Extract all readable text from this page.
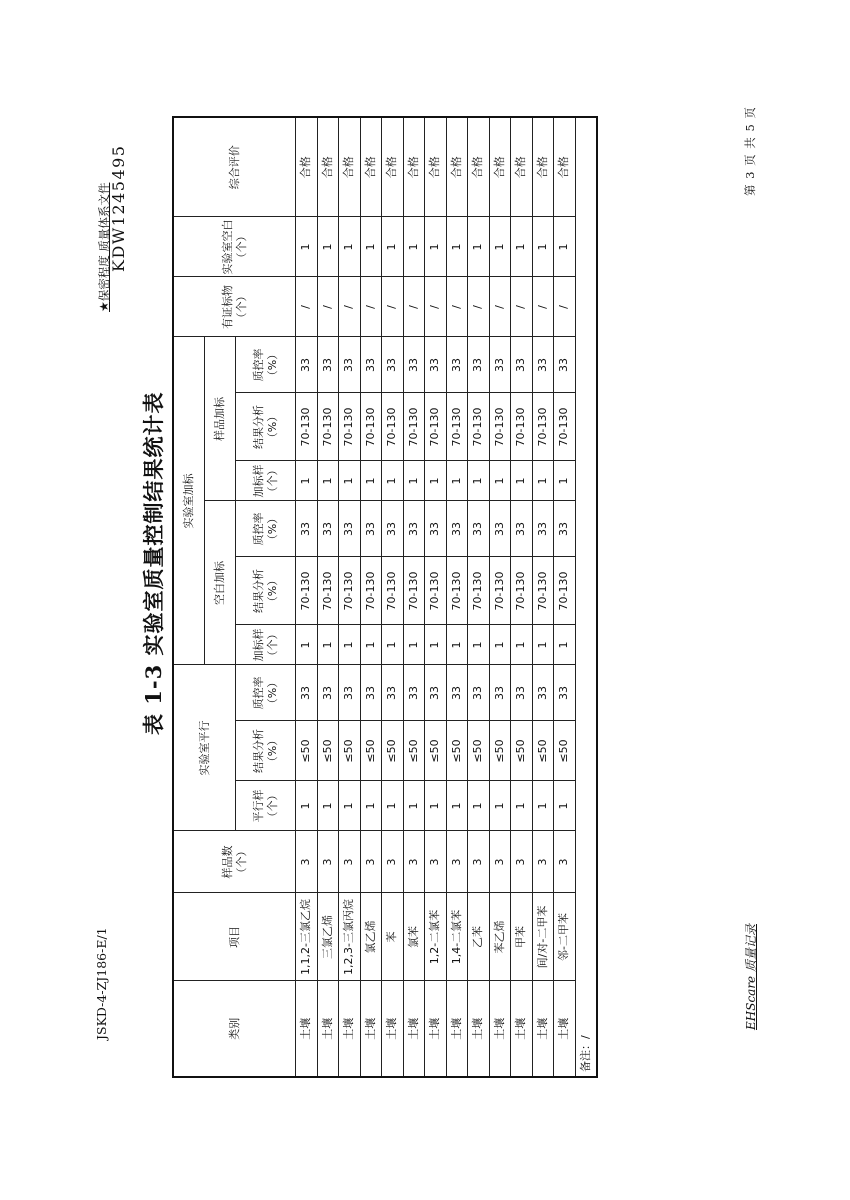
JSKD-4-ZJ186-E/1	EHScare 质量记录
第 3 页 共 5 页
★保密程度 质量体系文件
KDW1245495
表 1-3 实验室质量控制结果统计表
类别	项目	样品数（个）	实验室平行			实验室加标						有证标物（个）	实验室空白（个）	综合评价
						空白加标			样品加标					
			平行样（个）	结果分析（%）	质控率（%）	加标样（个）	结果分析（%）	质控率（%）	加标样（个）	结果分析（%）	质控率（%）			
土壤	1,1,2-三氯乙烷	3	1	≤50	33	1	70-130	33	1	70-130	33	/	1	合格
土壤	三氯乙烯	3	1	≤50	33	1	70-130	33	1	70-130	33	/	1	合格
土壤	1,2,3-三氯丙烷	3	1	≤50	33	1	70-130	33	1	70-130	33	/	1	合格
土壤	氯乙烯	3	1	≤50	33	1	70-130	33	1	70-130	33	/	1	合格
土壤	苯	3	1	≤50	33	1	70-130	33	1	70-130	33	/	1	合格
土壤	氯苯	3	1	≤50	33	1	70-130	33	1	70-130	33	/	1	合格
土壤	1,2-二氯苯	3	1	≤50	33	1	70-130	33	1	70-130	33	/	1	合格
土壤	1,4-二氯苯	3	1	≤50	33	1	70-130	33	1	70-130	33	/	1	合格
土壤	乙苯	3	1	≤50	33	1	70-130	33	1	70-130	33	/	1	合格
土壤	苯乙烯	3	1	≤50	33	1	70-130	33	1	70-130	33	/	1	合格
土壤	甲苯	3	1	≤50	33	1	70-130	33	1	70-130	33	/	1	合格
土壤	间/对-二甲苯	3	1	≤50	33	1	70-130	33	1	70-130	33	/	1	合格
土壤	邻-二甲苯	3	1	≤50	33	1	70-130	33	1	70-130	33	/	1	合格
备注：/														
